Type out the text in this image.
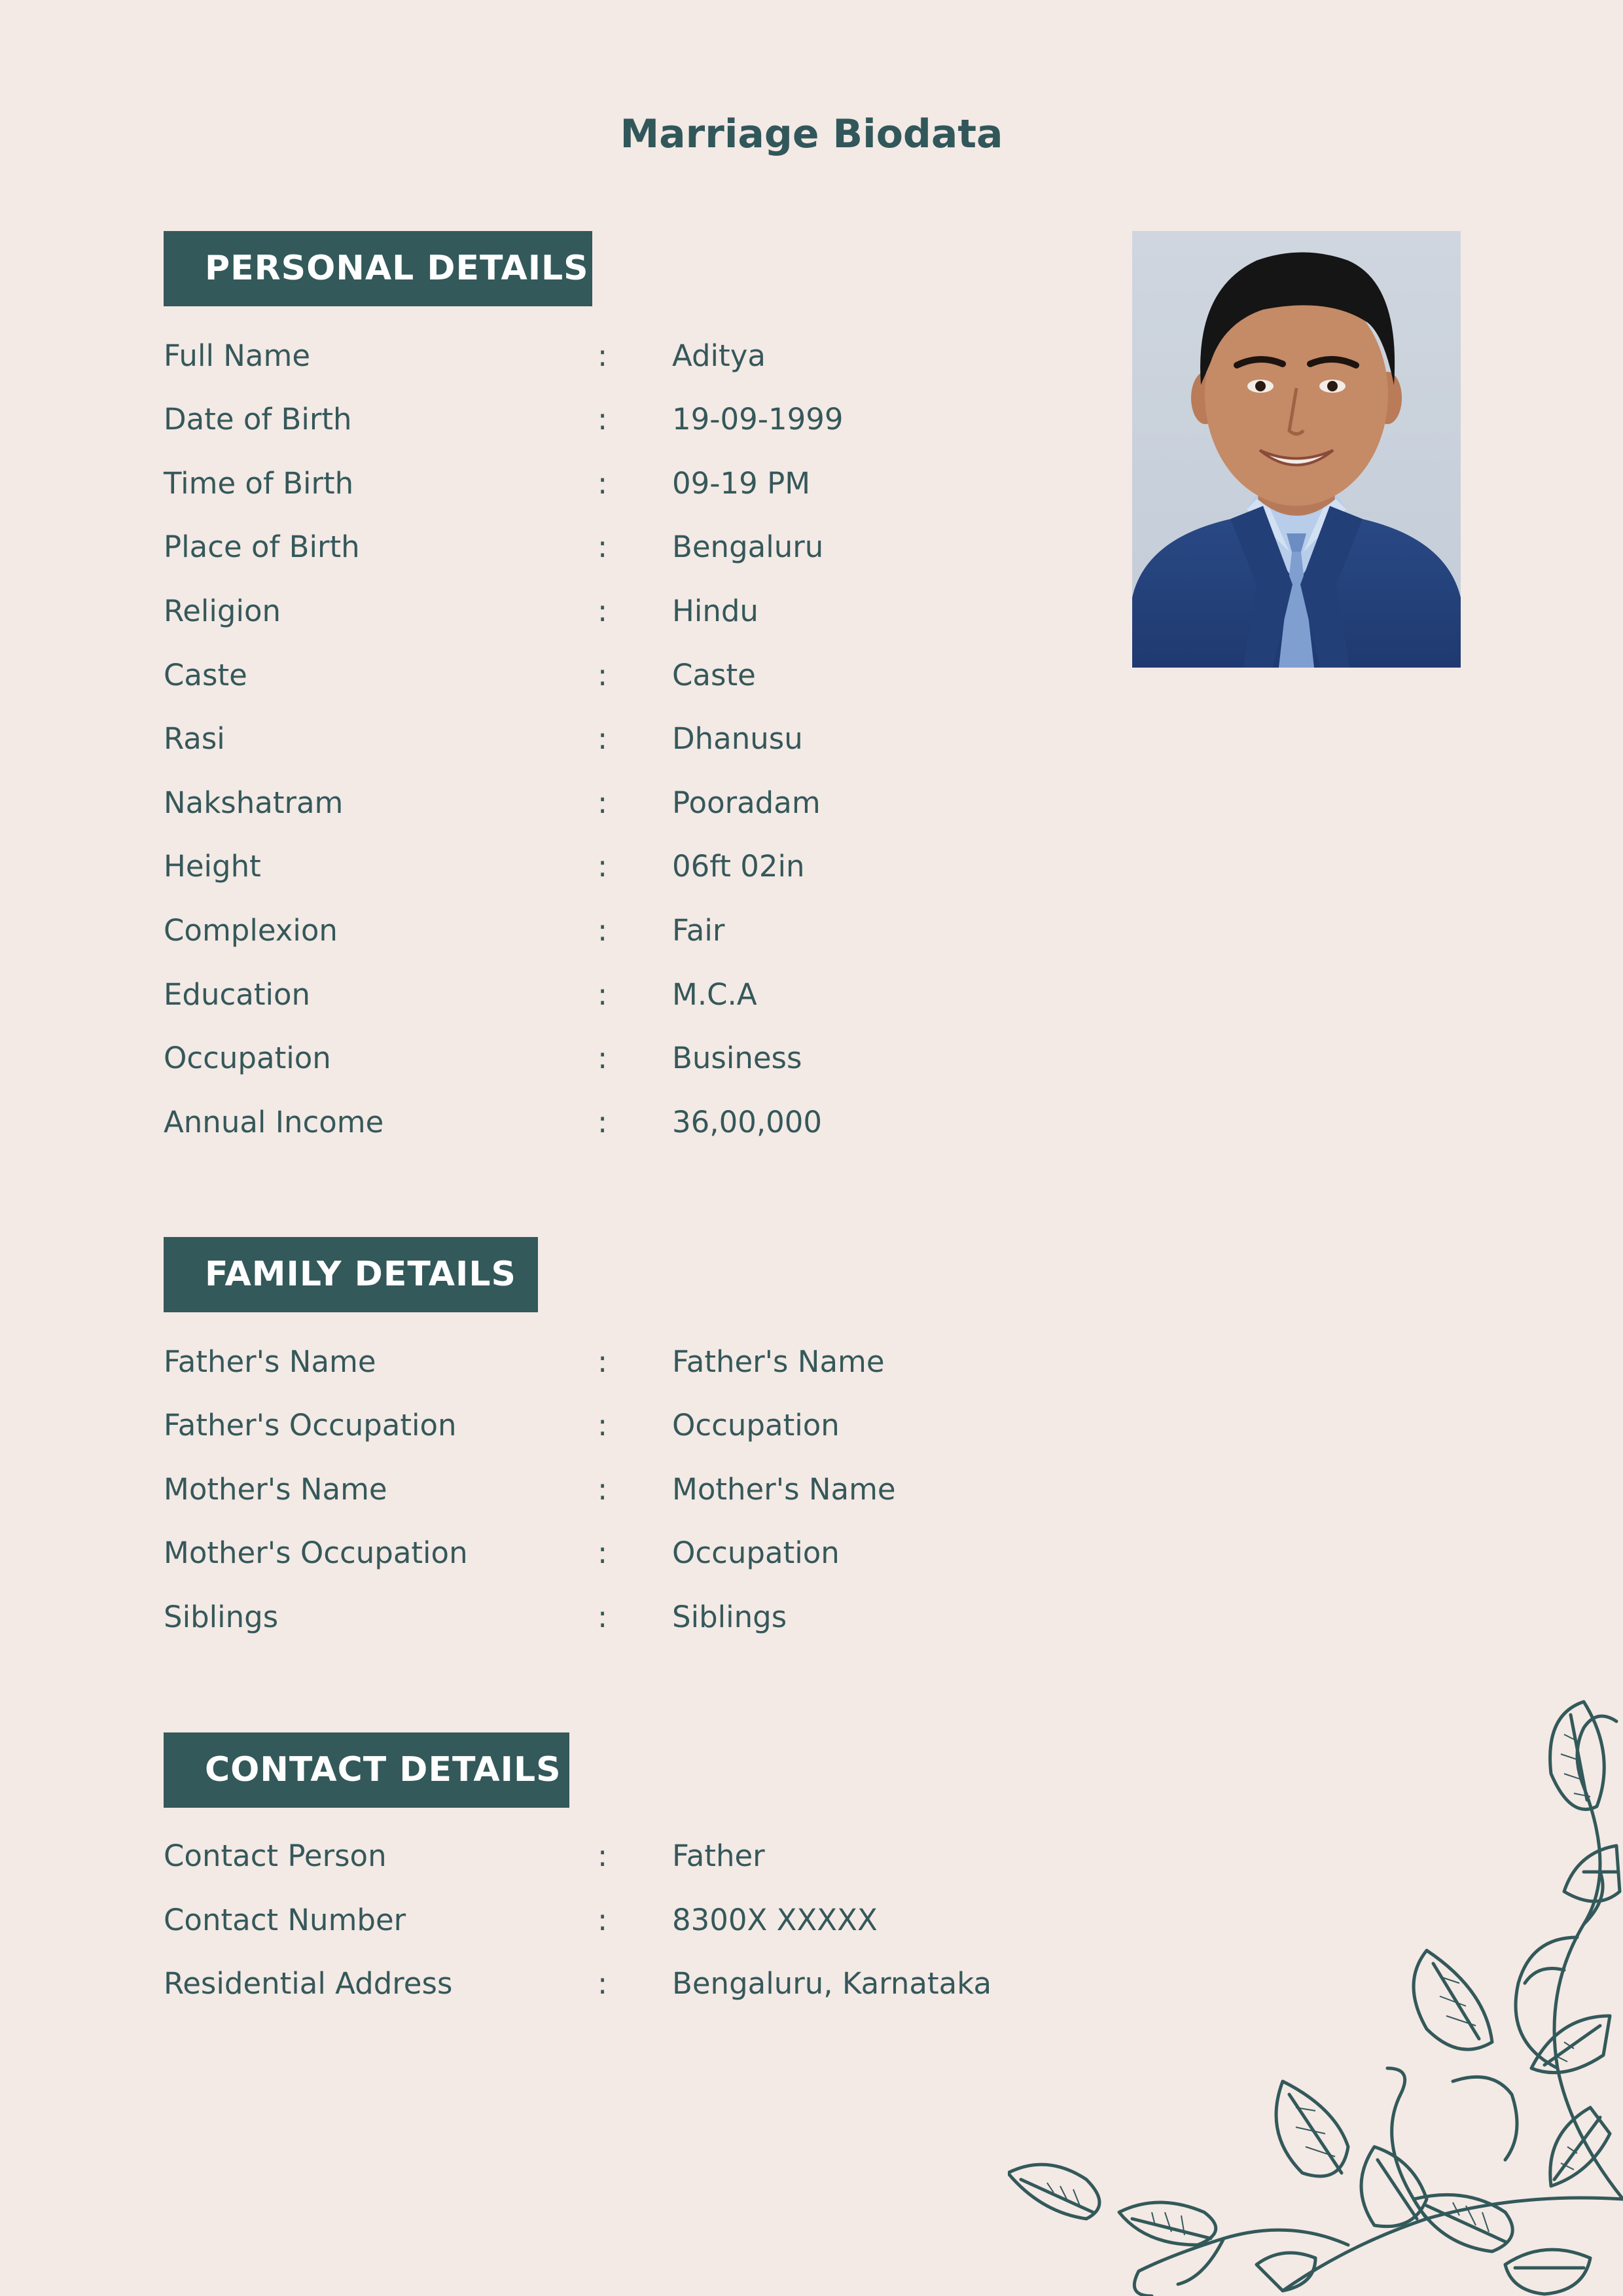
Marriage Biodata
PERSONAL DETAILS
Full Name	: Aditya
Date of Birth	: 19-09-1999
Time of Birth	: 09-19 PM
Place of Birth	: Bengaluru
Religion	: Hindu
Caste	: Caste
Rasi	: Dhanusu
Nakshatram	: Pooradam
Height	: 06ft 02in
Complexion	: Fair
Education	: M.C.A
Occupation	: Business
Annual Income	: 36,00,000
FAMILY DETAILS
Father's Name	: Father's Name
Father's Occupation	: Occupation
Mother's Name	: Mother's Name
Mother's Occupation	: Occupation
Siblings	: Siblings
CONTACT DETAILS
Contact Person	: Father
Contact Number	: 8300X XXXXX
Residential Address	: Bengaluru, Karnataka
